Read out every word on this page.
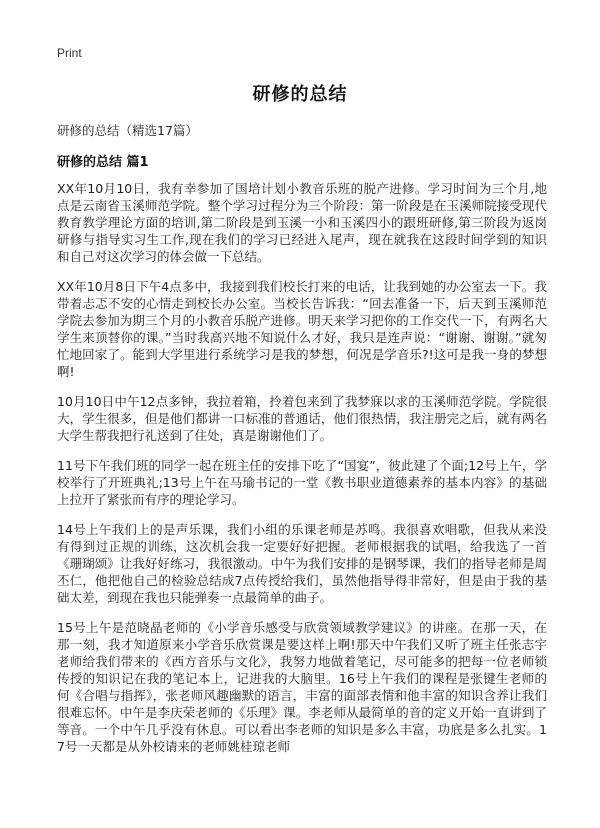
Print
研修的总结
研修的总结（精选17篇）
研修的总结 篇1

XX年10月10日，我有幸参加了国培计划小教音乐班的脱产进修。学习时间为三个月,地点是云南省玉溪师范学院。整个学习过程分为三个阶段：第一阶段是在玉溪师院接受现代教育教学理论方面的培训,第二阶段是到玉溪一小和玉溪四小的跟班研修,第三阶段为返岗研修与指导实习生工作,现在我们的学习已经进入尾声，现在就我在这段时间学到的知识和自己对这次学习的体会做一下总结。

XX年10月8日下午4点多中，我接到我们校长打来的电话，让我到她的办公室去一下。我带着忐忑不安的心情走到校长办公室。当校长告诉我：“回去准备一下，后天到玉溪师范学院去参加为期三个月的小教音乐脱产进修。明天来学习把你的工作交代一下，有两名大学生来顶替你的课。”当时我高兴地不知说什么才好，我只是连声说：“谢谢、谢谢。”就匆忙地回家了。能到大学里进行系统学习是我的梦想，何况是学音乐?!这可是我一身的梦想啊!

10月10日中午12点多钟，我拉着箱，拎着包来到了我梦寐以求的玉溪师范学院。学院很大，学生很多，但是他们都讲一口标准的普通话，他们很热情，我注册完之后，就有两名大学生帮我把行礼送到了住处，真是谢谢他们了。

11号下午我们班的同学一起在班主任的安排下吃了“国宴”，彼此建了个面;12号上午，学校举行了开班典礼;13号上午在马瑜书记的一堂《教书职业道德素养的基本内容》的基础上拉开了紧张而有序的理论学习。

14号上午我们上的是声乐课，我们小组的乐课老师是苏鸣。我很喜欢唱歌，但我从来没有得到过正规的训练，这次机会我一定要好好把握。老师根据我的试唱，给我选了一首《珊瑚颂》让我好好练习，我很激动。中午为我们安排的是钢琴课，我们的指导老师是周丕仁，他把他自己的检验总结成7点传授给我们，虽然他指导得非常好，但是由于我的基础太差，到现在我也只能弹奏一点最简单的曲子。

15号上午是范晓晶老师的《小学音乐感受与欣赏领域教学建议》的讲座。在那一天，在那一刻，我才知道原来小学音乐欣赏课是要这样上啊!那天中午我们又听了班主任张志宇老师给我们带来的《西方音乐与文化》，我努力地做着笔记，尽可能多的把每一位老师锁传授的知识记在我的笔记本上，记进我的大脑里。16号上午我们的课程是张键生老师的何《合唱与指挥》，张老师风趣幽默的语言，丰富的面部表情和他丰富的知识含养让我们很难忘怀。中午是李庆荣老师的《乐理》课。李老师从最简单的音的定义开始一直讲到了等音。一个中午几乎没有休息。可以看出李老师的知识是多么丰富，功底是多么扎实。17号一天都是从外校请来的老师姚桂琼老师
